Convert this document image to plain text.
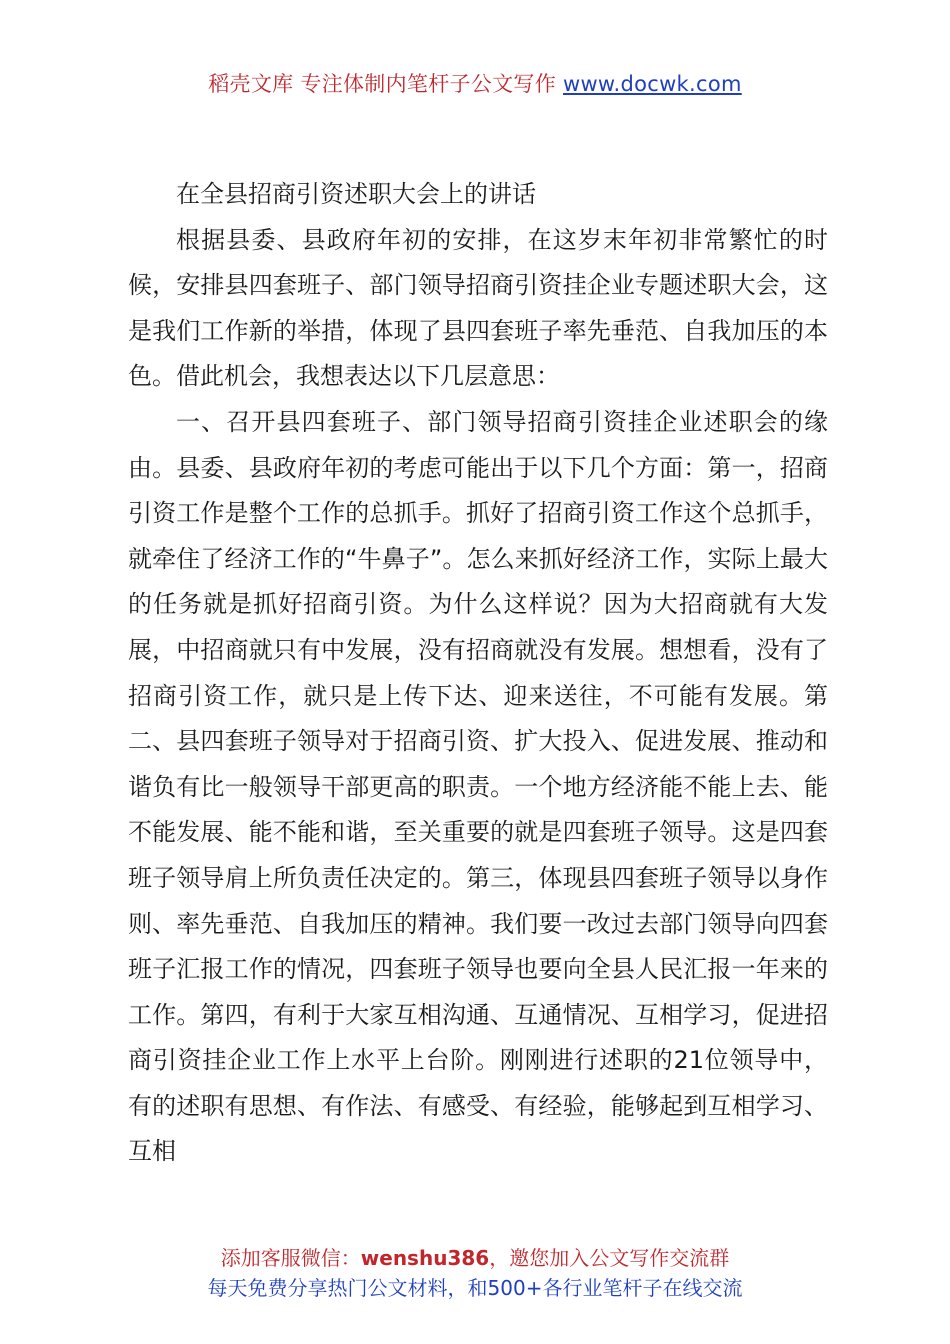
稻壳文库 专注体制内笔杆子公文写作 www.docwk.com

在全县招商引资述职大会上的讲话

根据县委、县政府年初的安排，在这岁末年初非常繁忙的时候，安排县四套班子、部门领导招商引资挂企业专题述职大会，这是我们工作新的举措，体现了县四套班子率先垂范、自我加压的本色。借此机会，我想表达以下几层意思：

一、召开县四套班子、部门领导招商引资挂企业述职会的缘由。县委、县政府年初的考虑可能出于以下几个方面：第一，招商引资工作是整个工作的总抓手。抓好了招商引资工作这个总抓手，就牵住了经济工作的“牛鼻子”。怎么来抓好经济工作，实际上最大的任务就是抓好招商引资。为什么这样说？因为大招商就有大发展，中招商就只有中发展，没有招商就没有发展。想想看，没有了招商引资工作，就只是上传下达、迎来送往，不可能有发展。第二、县四套班子领导对于招商引资、扩大投入、促进发展、推动和谐负有比一般领导干部更高的职责。一个地方经济能不能上去、能不能发展、能不能和谐，至关重要的就是四套班子领导。这是四套班子领导肩上所负责任决定的。第三，体现县四套班子领导以身作则、率先垂范、自我加压的精神。我们要一改过去部门领导向四套班子汇报工作的情况，四套班子领导也要向全县人民汇报一年来的工作。第四，有利于大家互相沟通、互通情况、互相学习，促进招商引资挂企业工作上水平上台阶。刚刚进行述职的21位领导中，有的述职有思想、有作法、有感受、有经验，能够起到互相学习、互相

添加客服微信：wenshu386，邀您加入公文写作交流群
每天免费分享热门公文材料，和500+各行业笔杆子在线交流
